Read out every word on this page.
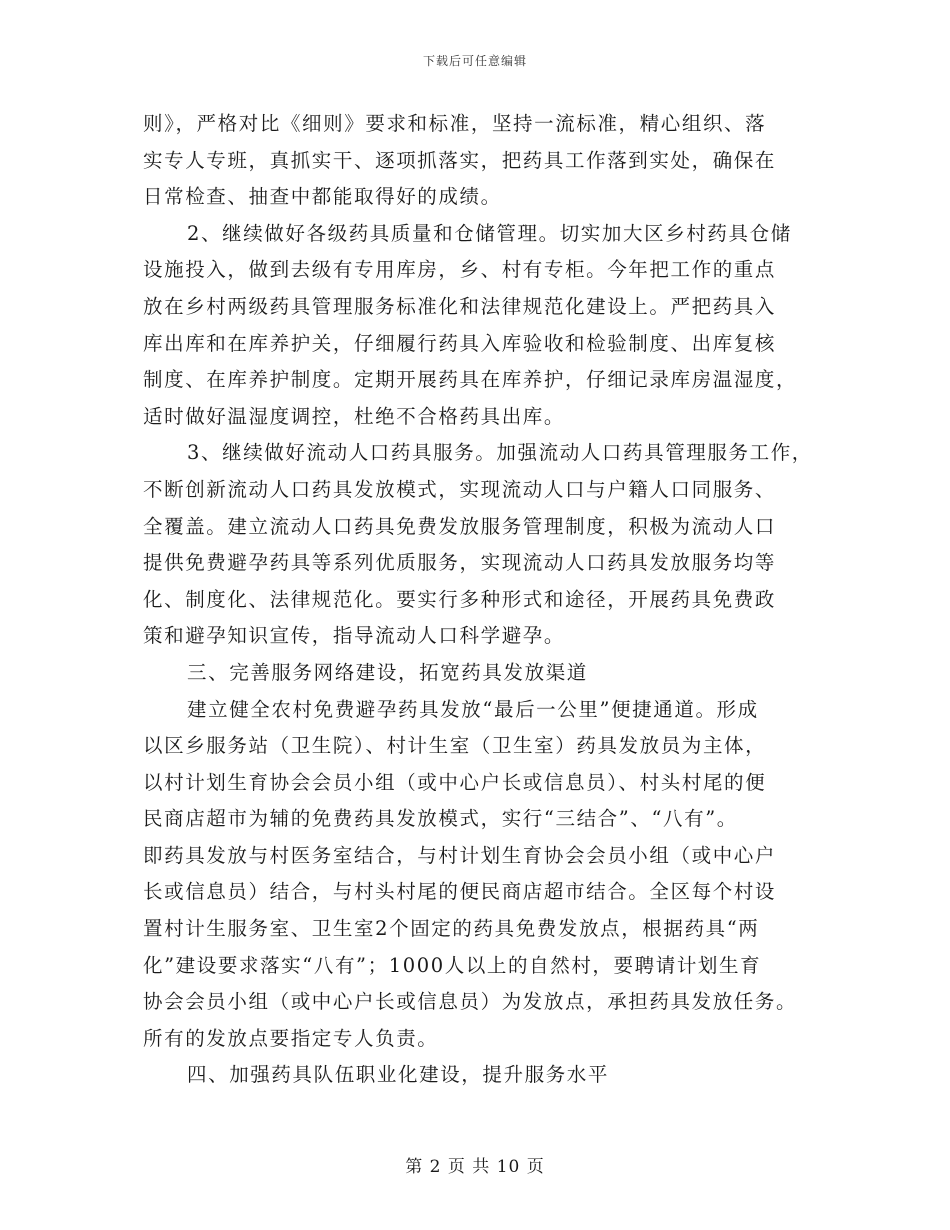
下载后可任意编辑
则》，严格对比《细则》要求和标准，坚持一流标准，精心组织、落
实专人专班，真抓实干、逐项抓落实，把药具工作落到实处，确保在
日常检查、抽查中都能取得好的成绩。
2、继续做好各级药具质量和仓储管理。切实加大区乡村药具仓储
设施投入，做到去级有专用库房，乡、村有专柜。今年把工作的重点
放在乡村两级药具管理服务标准化和法律规范化建设上。严把药具入
库出库和在库养护关，仔细履行药具入库验收和检验制度、出库复核
制度、在库养护制度。定期开展药具在库养护，仔细记录库房温湿度，
适时做好温湿度调控，杜绝不合格药具出库。
3、继续做好流动人口药具服务。加强流动人口药具管理服务工作，
不断创新流动人口药具发放模式，实现流动人口与户籍人口同服务、
全覆盖。建立流动人口药具免费发放服务管理制度，积极为流动人口
提供免费避孕药具等系列优质服务，实现流动人口药具发放服务均等
化、制度化、法律规范化。要实行多种形式和途径，开展药具免费政
策和避孕知识宣传，指导流动人口科学避孕。
三、完善服务网络建设，拓宽药具发放渠道
建立健全农村免费避孕药具发放“最后一公里”便捷通道。形成
以区乡服务站（卫生院）、村计生室（卫生室）药具发放员为主体，
以村计划生育协会会员小组（或中心户长或信息员）、村头村尾的便
民商店超市为辅的免费药具发放模式，实行“三结合”、“八有”。
即药具发放与村医务室结合，与村计划生育协会会员小组（或中心户
长或信息员）结合，与村头村尾的便民商店超市结合。全区每个村设
置村计生服务室、卫生室2个固定的药具免费发放点，根据药具“两
化”建设要求落实“八有”；1000人以上的自然村，要聘请计划生育
协会会员小组（或中心户长或信息员）为发放点，承担药具发放任务。
所有的发放点要指定专人负责。
四、加强药具队伍职业化建设，提升服务水平
第 2 页 共 10 页
